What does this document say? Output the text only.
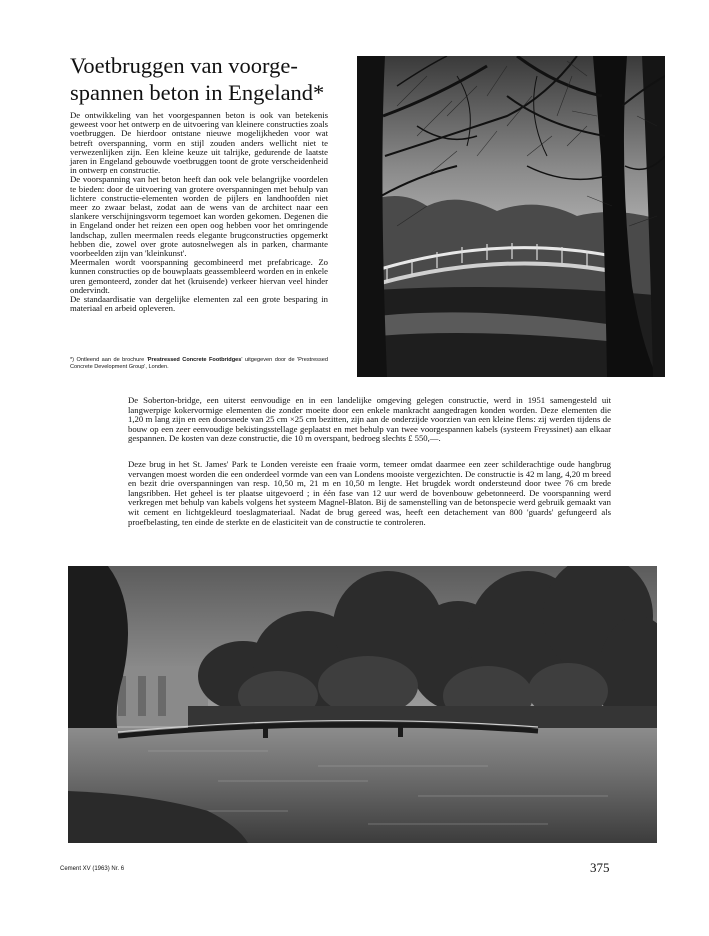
Voetbruggen van voorge-spannen beton in Engeland*

De ontwikkeling van het voorgespannen beton is ook van betekenis geweest voor het ontwerp en de uitvoering van kleinere constructies zoals voetbruggen. De hierdoor ontstane nieuwe mogelijkheden voor wat betreft overspanning, vorm en stijl zouden anders wellicht niet te verwezenlijken zijn. Een kleine keuze uit talrijke, gedurende de laatste jaren in Engeland gebouwde voetbruggen toont de grote verscheidenheid in ontwerp en constructie.

De voorspanning van het beton heeft dan ook vele belangrijke voordelen te bieden: door de uitvoering van grotere overspanningen met behulp van lichtere constructie-elementen worden de pijlers en landhoofden niet meer zo zwaar belast, zodat aan de wens van de architect naar een slankere verschijningsvorm tegemoet kan worden gekomen. Degenen die in Engeland onder het reizen een open oog hebben voor het omringende landschap, zullen meermalen reeds elegante brugconstructies opgemerkt hebben die, zowel over grote autosnelwegen als in parken, charmante voorbeelden zijn van 'kleinkunst'.

Meermalen wordt voorspanning gecombineerd met prefabricage. Zo kunnen constructies op de bouwplaats geassembleerd worden en in enkele uren gemonteerd, zonder dat het (kruisende) verkeer hiervan veel hinder ondervindt.

De standaardisatie van dergelijke elementen zal een grote besparing in materiaal en arbeid opleveren.

*) Ontleend aan de brochure 'Prestressed Concrete Footbridges' uitgegeven door de 'Prestressed Concrete Development Group', Londen.
De Soberton-bridge, een uiterst eenvoudige en in een landelijke omgeving gelegen constructie, werd in 1951 samengesteld uit langwerpige kokervormige elementen die zonder moeite door een enkele mankracht aangedragen konden worden. Deze elementen die 1,20 m lang zijn en een doorsnede van 25 cm ×25 cm bezitten, zijn aan de onderzijde voorzien van een kleine flens: zij werden tijdens de bouw op een zeer eenvoudige bekistingsstellage geplaatst en met behulp van twee voorgespannen kabels (systeem Freyssinet) aan elkaar gespannen. De kosten van deze constructie, die 10 m overspant, bedroeg slechts £ 550,—.
Deze brug in het St. James' Park te Londen vereiste een fraaie vorm, temeer omdat daarmee een zeer schilderachtige oude hangbrug vervangen moest worden die een onderdeel vormde van een van Londens mooiste vergezichten. De constructie is 42 m lang, 4,20 m breed en bezit drie overspanningen van resp. 10,50 m, 21 m en 10,50 m lengte. Het brugdek wordt ondersteund door twee 76 cm brede langsribben. Het geheel is ter plaatse uitgevoerd ; in één fase van 12 uur werd de bovenbouw gebetonneerd. De voorspanning werd verkregen met behulp van kabels volgens het systeem Magnel-Blaton. Bij de samenstelling van de betonspecie werd gebruik gemaakt van wit cement en lichtgekleurd toeslagmateriaal. Nadat de brug gereed was, heeft een detachement van 800 'guards' gefungeerd als proefbelasting, ten einde de sterkte en de elasticiteit van de constructie te controleren.
Cement XV (1963) Nr. 6	375
